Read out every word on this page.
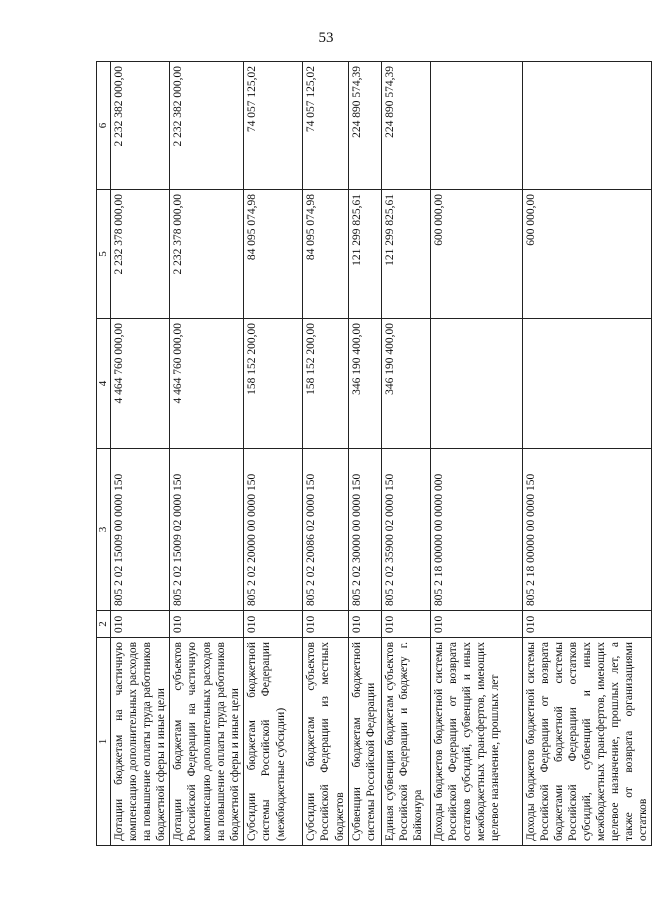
53
1	2	3	4	5	6
Дотации бюджетам на частичную компенсацию дополнительных расходов на повышение оплаты труда работников бюджетной сферы и иные цели	010	805 2 02 15009 00 0000 150	4 464 760 000,00	2 232 378 000,00	2 232 382 000,00
Дотации бюджетам субъектов Российской Федерации на частичную компенсацию дополнительных расходов на повышение оплаты труда работников бюджетной сферы и иные цели	010	805 2 02 15009 02 0000 150	4 464 760 000,00	2 232 378 000,00	2 232 382 000,00
Субсидии бюджетам бюджетной системы Российской Федерации (межбюджетные субсидии)	010	805 2 02 20000 00 0000 150	158 152 200,00	84 095 074,98	74 057 125,02
Субсидии бюджетам субъектов Российской Федерации из местных бюджетов	010	805 2 02 20086 02 0000 150	158 152 200,00	84 095 074,98	74 057 125,02
Субвенции бюджетам бюджетной системы Российской Федерации	010	805 2 02 30000 00 0000 150	346 190 400,00	121 299 825,61	224 890 574,39
Единая субвенция бюджетам субъектов Российской Федерации и бюджету г. Байконура	010	805 2 02 35900 02 0000 150	346 190 400,00	121 299 825,61	224 890 574,39
Доходы бюджетов бюджетной системы Российской Федерации от возврата остатков субсидий, субвенций и иных межбюджетных трансфертов, имеющих целевое назначение, прошлых лет	010	805 2 18 00000 00 0000 000		600 000,00	
Доходы бюджетов бюджетной системы Российской Федерации от возврата бюджетами бюджетной системы Российской Федерации остатков субсидий, субвенций и иных межбюджетных трансфертов, имеющих целевое назначение, прошлых лет, а также от возврата организациями остатков	010	805 2 18 00000 00 0000 150		600 000,00	
